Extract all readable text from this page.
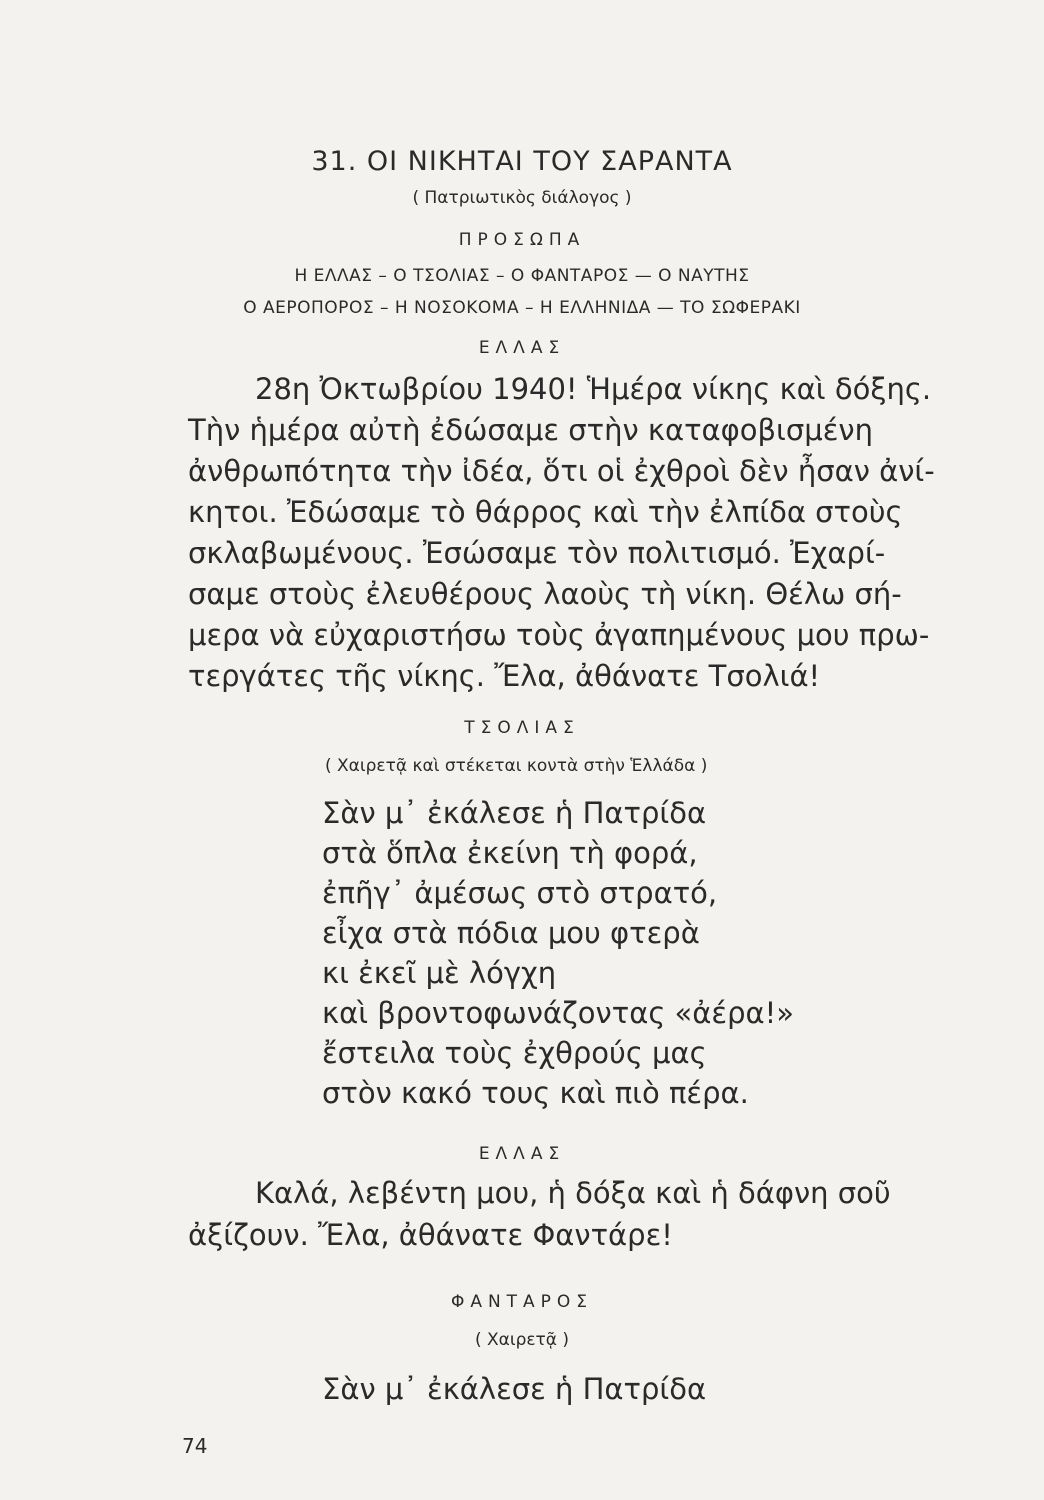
31. ΟΙ ΝΙΚΗΤΑΙ ΤΟΥ ΣΑΡΑΝΤΑ
( Πατριωτικὸς διάλογος )
ΠΡΟΣΩΠΑ
Η ΕΛΛΑΣ – Ο ΤΣΟΛΙΑΣ – Ο ΦΑΝΤΑΡΟΣ — Ο ΝΑΥΤΗΣ
Ο ΑΕΡΟΠΟΡΟΣ – Η ΝΟΣΟΚΟΜΑ – Η ΕΛΛΗΝΙΔΑ — ΤΟ ΣΩΦΕΡΑΚΙ
ΕΛΛΑΣ
28η Ὀκτωβρίου 1940! Ἡμέρα νίκης καὶ δόξης.
Τὴν ἡμέρα αὐτὴ ἐδώσαμε στὴν καταφοβισμένη
ἀνθρωπότητα τὴν ἰδέα, ὅτι οἱ ἐχθροὶ δὲν ἦσαν ἀνί-
κητοι. Ἐδώσαμε τὸ θάρρος καὶ τὴν ἐλπίδα στοὺς
σκλαβωμένους. Ἐσώσαμε τὸν πολιτισμό. Ἐχαρί-
σαμε στοὺς ἐλευθέρους λαοὺς τὴ νίκη. Θέλω σή-
μερα νὰ εὐχαριστήσω τοὺς ἀγαπημένους μου πρω-
τεργάτες τῆς νίκης. Ἔλα, ἀθάνατε Τσολιά!
ΤΣΟΛΙΑΣ
( Χαιρετᾷ καὶ στέκεται κοντὰ στὴν Ἑλλάδα )
Σὰν μ᾽ ἐκάλεσε ἡ Πατρίδα
στὰ ὅπλα ἐκείνη τὴ φορά,
ἐπῆγ᾽ ἀμέσως στὸ στρατό,
εἶχα στὰ πόδια μου φτερὰ
κι ἐκεῖ μὲ λόγχη
καὶ βροντοφωνάζοντας «ἀέρα!»
ἔστειλα τοὺς ἐχθρούς μας
στὸν κακό τους καὶ πιὸ πέρα.
ΕΛΛΑΣ
Καλά, λεβέντη μου, ἡ δόξα καὶ ἡ δάφνη σοῦ
ἀξίζουν. Ἔλα, ἀθάνατε Φαντάρε!
ΦΑΝΤΑΡΟΣ
( Χαιρετᾷ )
Σὰν μ᾽ ἐκάλεσε ἡ Πατρίδα
74
